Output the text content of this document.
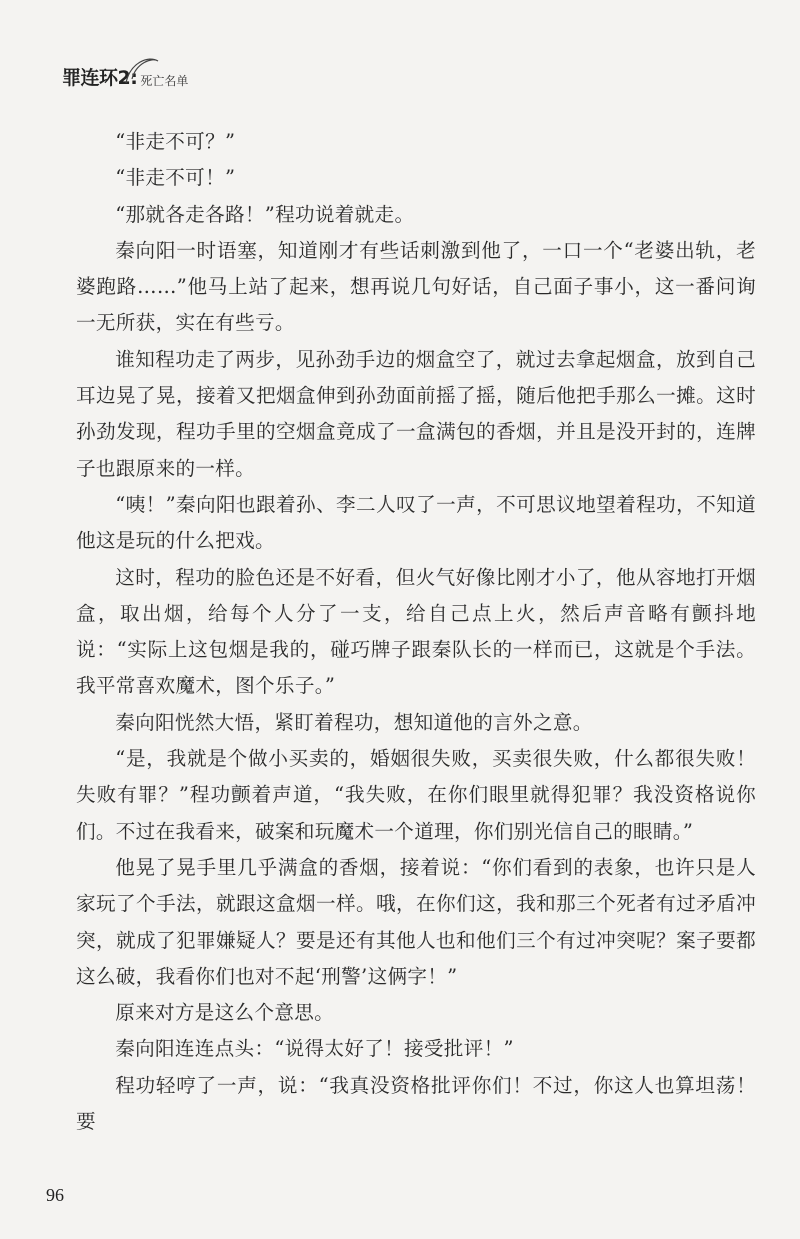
罪连环2: 死亡名单

“非走不可？”

“非走不可！”

“那就各走各路！”程功说着就走。

秦向阳一时语塞，知道刚才有些话刺激到他了，一口一个“老婆出轨，老婆跑路……”他马上站了起来，想再说几句好话，自己面子事小，这一番问询一无所获，实在有些亏。

谁知程功走了两步，见孙劲手边的烟盒空了，就过去拿起烟盒，放到自己耳边晃了晃，接着又把烟盒伸到孙劲面前摇了摇，随后他把手那么一摊。这时孙劲发现，程功手里的空烟盒竟成了一盒满包的香烟，并且是没开封的，连牌子也跟原来的一样。

“咦！”秦向阳也跟着孙、李二人叹了一声，不可思议地望着程功，不知道他这是玩的什么把戏。

这时，程功的脸色还是不好看，但火气好像比刚才小了，他从容地打开烟盒，取出烟，给每个人分了一支，给自己点上火，然后声音略有颤抖地说：“实际上这包烟是我的，碰巧牌子跟秦队长的一样而已，这就是个手法。我平常喜欢魔术，图个乐子。”

秦向阳恍然大悟，紧盯着程功，想知道他的言外之意。

“是，我就是个做小买卖的，婚姻很失败，买卖很失败，什么都很失败！失败有罪？”程功颤着声道，“我失败，在你们眼里就得犯罪？我没资格说你们。不过在我看来，破案和玩魔术一个道理，你们别光信自己的眼睛。”

他晃了晃手里几乎满盒的香烟，接着说：“你们看到的表象，也许只是人家玩了个手法，就跟这盒烟一样。哦，在你们这，我和那三个死者有过矛盾冲突，就成了犯罪嫌疑人？要是还有其他人也和他们三个有过冲突呢？案子要都这么破，我看你们也对不起‘刑警’这俩字！”

原来对方是这么个意思。

秦向阳连连点头：“说得太好了！接受批评！”

程功轻哼了一声，说：“我真没资格批评你们！不过，你这人也算坦荡！要

96
